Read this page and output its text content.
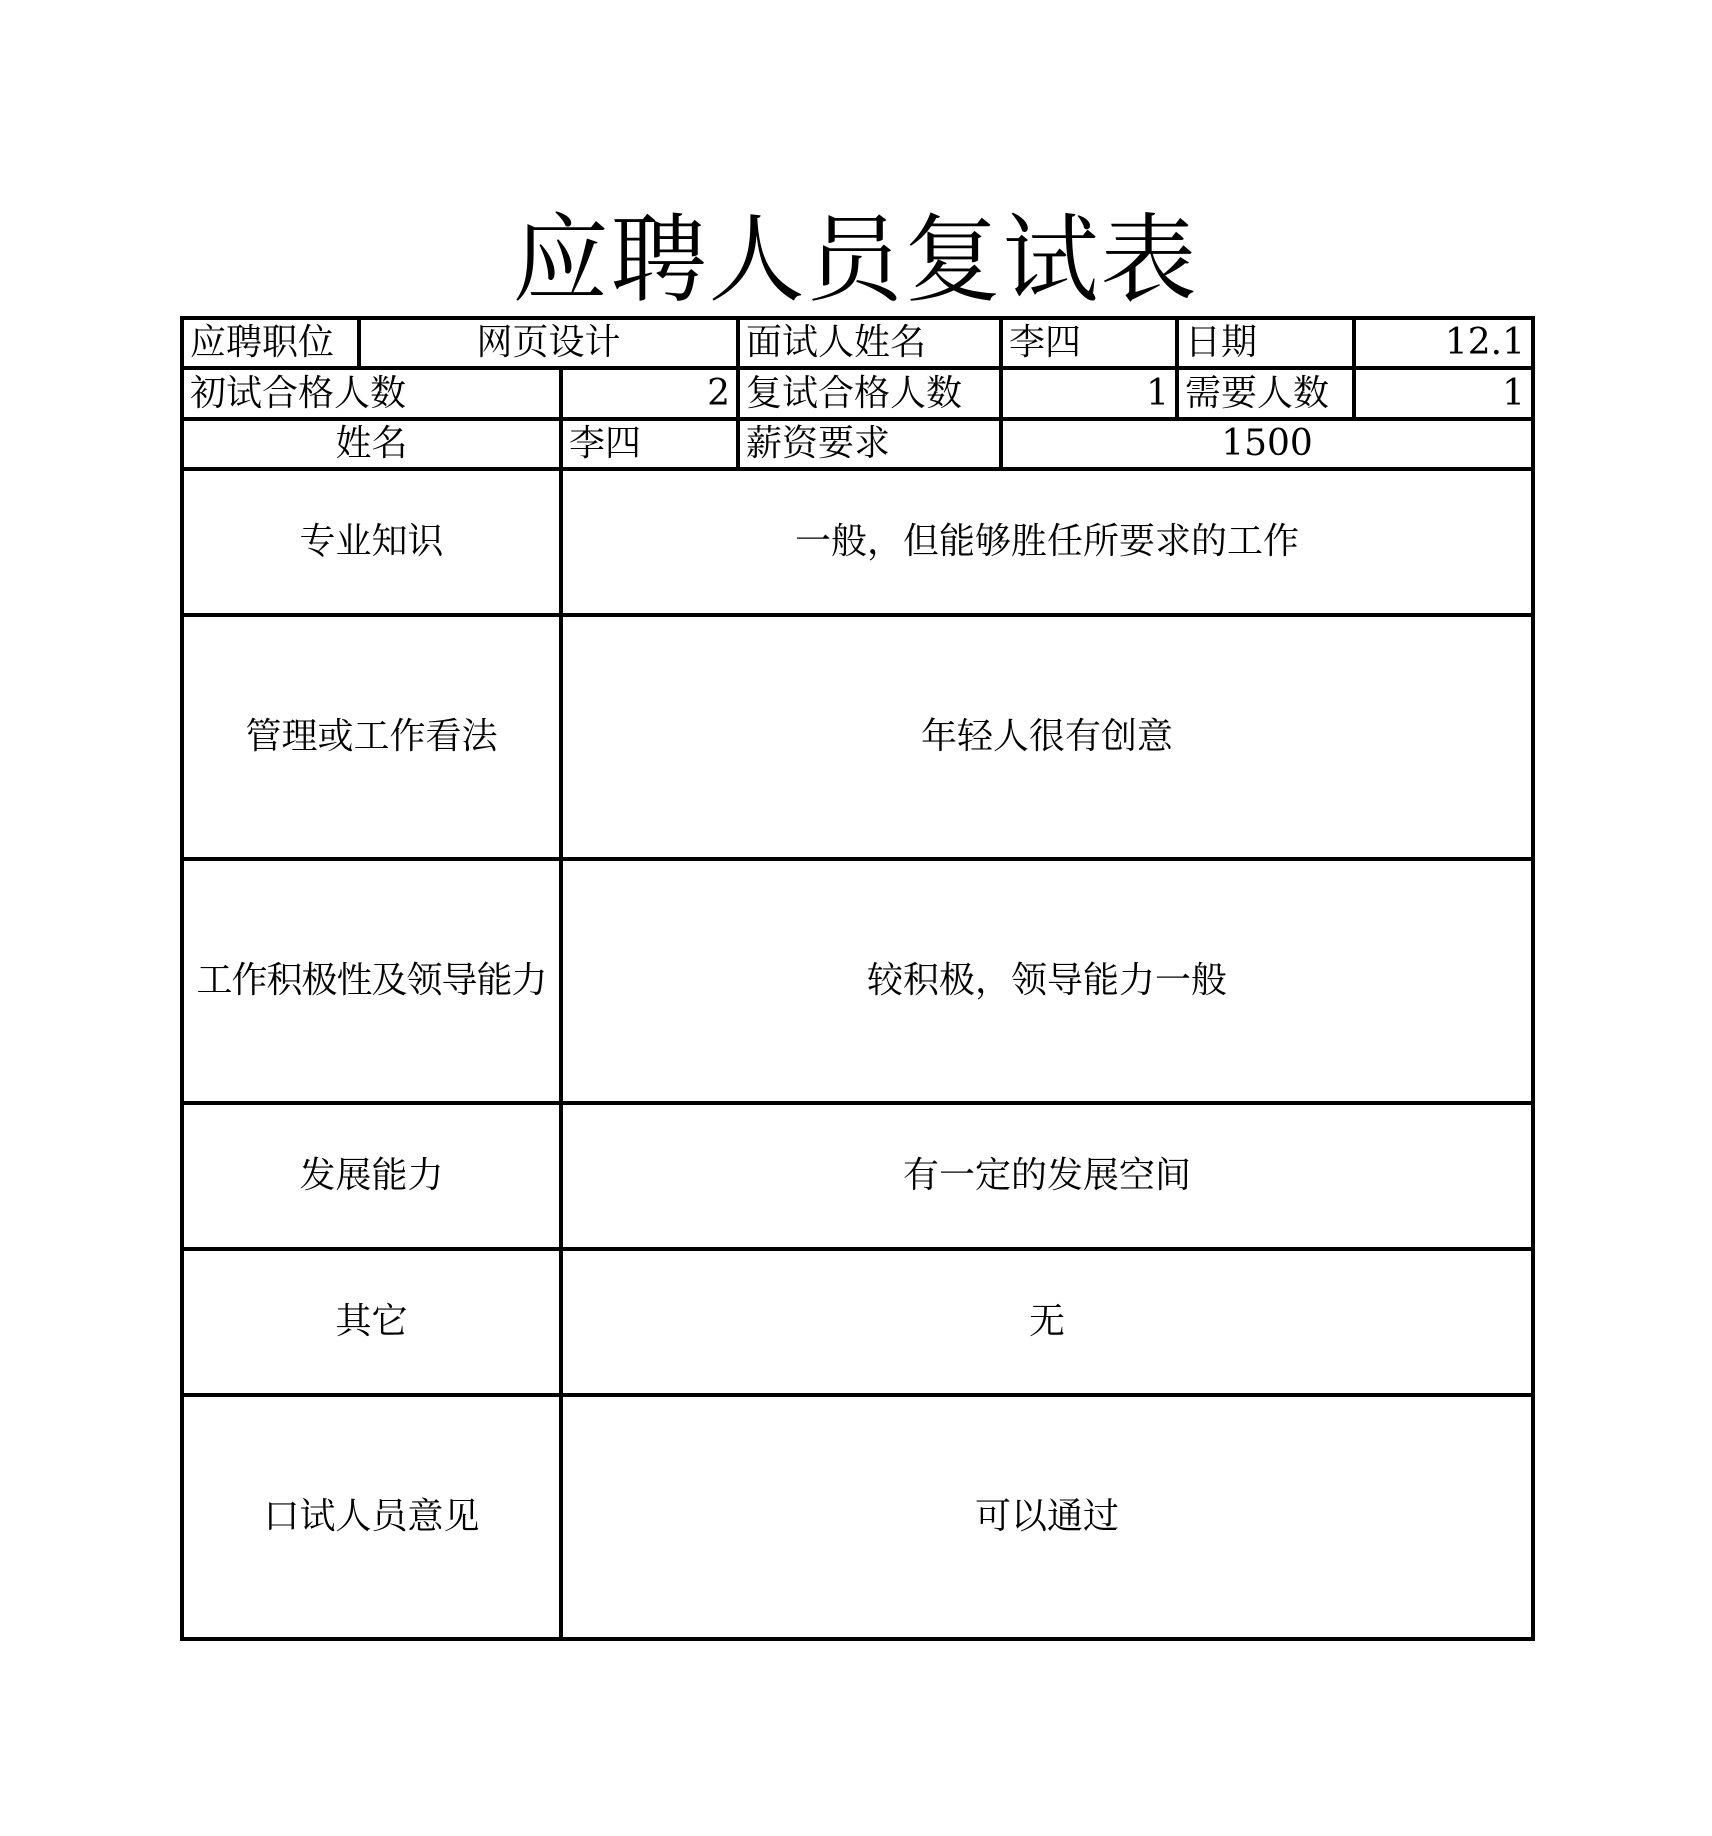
应聘人员复试表
应聘职位	网页设计		面试人姓名	李四	日期	12.1
初试合格人数		2	复试合格人数	1	需要人数	1
姓名		李四	薪资要求	1500		
专业知识		一般，但能够胜任所要求的工作				
管理或工作看法		年轻人很有创意				
工作积极性及领导能力		较积极，领导能力一般				
发展能力		有一定的发展空间				
其它		无				
口试人员意见		可以通过				
